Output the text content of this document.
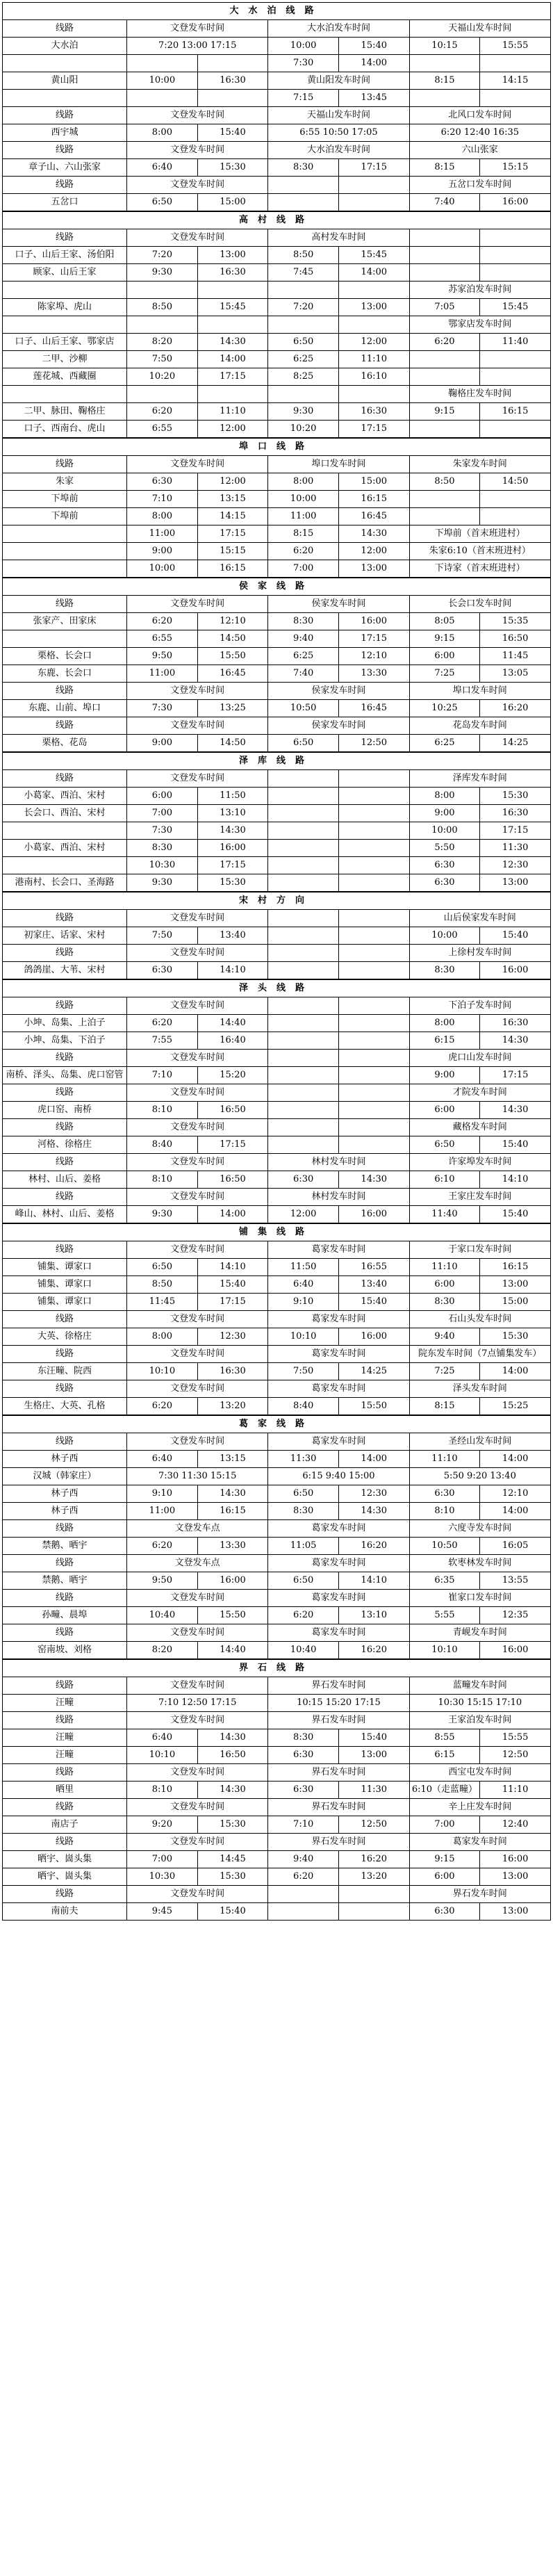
大水泊线路						
线路	文登发车时间		大水泊发车时间		天福山发车时间	
大水泊	7:20 13:00 17:15		10:00	15:40	10:15	15:55
			7:30	14:00		
黄山阳	10:00	16:30	黄山阳发车时间		8:15	14:15
			7:15	13:45		
线路	文登发车时间		天福山发车时间		北风口发车时间	
西宇城	8:00	15:40	6:55 10:50 17:05		6:20 12:40 16:35	
线路	文登发车时间		大水泊发车时间		六山张家	
章子山、六山张家	6:40	15:30	8:30	17:15	8:15	15:15
线路	文登发车时间				五岔口发车时间	
五岔口	6:50	15:00			7:40	16:00
高村线路						
线路	文登发车时间		高村发车时间			
口子、山后王家、汤伯阳	7:20	13:00	8:50	15:45		
顾家、山后王家	9:30	16:30	7:45	14:00		
					苏家泊发车时间	
陈家埠、虎山	8:50	15:45	7:20	13:00	7:05	15:45
					鄂家店发车时间	
口子、山后王家、鄂家店	8:20	14:30	6:50	12:00	6:20	11:40
二甲、沙柳	7:50	14:00	6:25	11:10		
莲花城、西藏圈	10:20	17:15	8:25	16:10		
					鞠格庄发车时间	
二甲、脉田、鞠格庄	6:20	11:10	9:30	16:30	9:15	16:15
口子、西南台、虎山	6:55	12:00	10:20	17:15		
埠口线路						
线路	文登发车时间		埠口发车时间		朱家发车时间	
朱家	6:30	12:00	8:00	15:00	8:50	14:50
下埠前	7:10	13:15	10:00	16:15		
下埠前	8:00	14:15	11:00	16:45		
	11:00	17:15	8:15	14:30	下埠前（首末班进村）	
	9:00	15:15	6:20	12:00	朱家6:10（首末班进村）	
	10:00	16:15	7:00	13:00	下诗家（首末班进村）	
侯家线路						
线路	文登发车时间		侯家发车时间		长会口发车时间	
张家产、田家床	6:20	12:10	8:30	16:00	8:05	15:35
	6:55	14:50	9:40	17:15	9:15	16:50
栗格、长会口	9:50	15:50	6:25	12:10	6:00	11:45
东鹿、长会口	11:00	16:45	7:40	13:30	7:25	13:05
线路	文登发车时间		侯家发车时间		埠口发车时间	
东鹿、山前、埠口	7:30	13:25	10:50	16:45	10:25	16:20
线路	文登发车时间		侯家发车时间		花岛发车时间	
栗格、花岛	9:00	14:50	6:50	12:50	6:25	14:25
泽库线路						
线路	文登发车时间				泽库发车时间	
小葛家、西泊、宋村	6:00	11:50			8:00	15:30
长会口、西泊、宋村	7:00	13:10			9:00	16:30
	7:30	14:30			10:00	17:15
小葛家、西泊、宋村	8:30	16:00			5:50	11:30
	10:30	17:15			6:30	12:30
港南村、长会口、圣海路	9:30	15:30			6:30	13:00
宋村方向						
线路	文登发车时间				山后侯家发车时间	
初家庄、话家、宋村	7:50	13:40			10:00	15:40
线路	文登发车时间				上徐村发车时间	
鸽鸽崖、大苇、宋村	6:30	14:10			8:30	16:00
泽头线路						
线路	文登发车时间				下泊子发车时间	
小坤、岛集、上泊子	6:20	14:40			8:00	16:30
小坤、岛集、下泊子	7:55	16:40			6:15	14:30
线路	文登发车时间				虎口山发车时间	
南桥、泽头、岛集、虎口窑管	7:10	15:20			9:00	17:15
线路	文登发车时间				才院发车时间	
虎口窑、南桥	8:10	16:50			6:00	14:30
线路	文登发车时间				藏格发车时间	
河格、徐格庄	8:40	17:15			6:50	15:40
线路	文登发车时间		林村发车时间		许家埠发车时间	
林村、山后、姜格	8:10	16:50	6:30	14:30	6:10	14:10
线路	文登发车时间		林村发车时间		王家庄发车时间	
峰山、林村、山后、姜格	9:30	14:00	12:00	16:00	11:40	15:40
铺集线路						
线路	文登发车时间		葛家发车时间		于家口发车时间	
铺集、谭家口	6:50	14:10	11:50	16:55	11:10	16:15
铺集、谭家口	8:50	15:40	6:40	13:40	6:00	13:00
铺集、谭家口	11:45	17:15	9:10	15:40	8:30	15:00
线路	文登发车时间		葛家发车时间		石山头发车时间	
大英、徐格庄	8:00	12:30	10:10	16:00	9:40	15:30
线路	文登发车时间		葛家发车时间		院东发车时间（7点铺集发车）	
东汪疃、院西	10:10	16:30	7:50	14:25	7:25	14:00
线路	文登发车时间		葛家发车时间		泽头发车时间	
生格庄、大英、孔格	6:20	13:20	8:40	15:50	8:15	15:25
葛家线路						
线路	文登发车时间		葛家发车时间		圣经山发车时间	
林子西	6:40	13:15	11:30	14:00	11:10	14:00
汉城（韩家庄）	7:30 11:30 15:15		6:15 9:40 15:00		5:50 9:20 13:40	
林子西	9:10	14:30	6:50	12:30	6:30	12:10
林子西	11:00	16:15	8:30	14:30	8:10	14:00
线路	文登发车点		葛家发车时间		六度寺发车时间	
禁鹅、晒宇	6:20	13:30	11:05	16:20	10:50	16:05
线路	文登发车点		葛家发车时间		软枣林发车时间	
禁鹅、晒宇	9:50	16:00	6:50	14:10	6:35	13:55
线路	文登发车时间		葛家发车时间		崔家口发车时间	
孙疃、晨埠	10:40	15:50	6:20	13:10	5:55	12:35
线路	文登发车时间		葛家发车时间		青岘发车时间	
窑南坡、刘格	8:20	14:40	10:40	16:20	10:10	16:00
界石线路						
线路	文登发车时间		界石发车时间		蓝疃发车时间	
汪疃	7:10 12:50 17:15		10:15 15:20 17:15		10:30 15:15 17:10	
线路	文登发车时间		界石发车时间		王家泊发车时间	
汪疃	6:40	14:30	8:30	15:40	8:55	15:55
汪疃	10:10	16:50	6:30	13:00	6:15	12:50
线路	文登发车时间		界石发车时间		西宝屯发车时间	
晒里	8:10	14:30	6:30	11:30	6:10（走蓝疃）	11:10
线路	文登发车时间		界石发车时间		辛上庄发车时间	
南店子	9:20	15:30	7:10	12:50	7:00	12:40
线路	文登发车时间		界石发车时间		葛家发车时间	
晒宇、崮头集	7:00	14:45	9:40	16:20	9:15	16:00
晒宇、崮头集	10:30	15:30	6:20	13:20	6:00	13:00
线路	文登发车时间				界石发车时间	
南前夫	9:45	15:40			6:30	13:00
